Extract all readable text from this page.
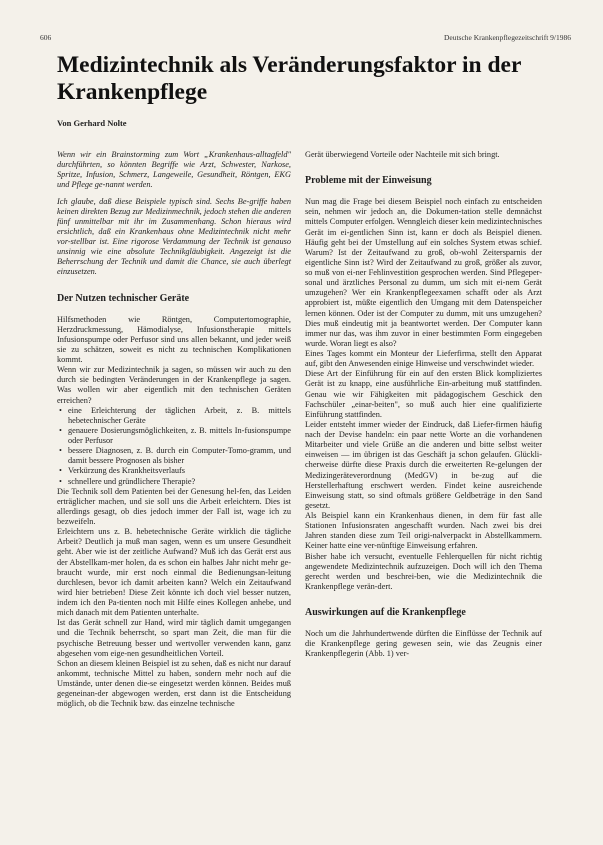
606	Deutsche Krankenpflegezeitschrift 9/1986
Medizintechnik als Veränderungsfaktor in der Krankenpflege
Von Gerhard Nolte

Wenn wir ein Brainstorming zum Wort „Krankenhaus-alltagfeld" durchführten, so könnten Begriffe wie Arzt, Schwester, Narkose, Spritze, Infusion, Schmerz, Langeweile, Gesundheit, Röntgen, EKG und Pflege ge-nannt werden.

Ich glaube, daß diese Beispiele typisch sind. Sechs Be-griffe haben keinen direkten Bezug zur Medizinmechnik, jedoch stehen die anderen fünf unmittelbar mit ihr im Zusammenhang. Schon hieraus wird ersichtlich, daß ein Krankenhaus ohne Medizintechnik nicht mehr vor-stellbar ist. Eine rigorose Verdammung der Technik ist genauso unsinnig wie eine absolute Technikgläubigkeit. Angezeigt ist die Beherrschung der Technik und damit die Chance, sie auch überlegt einzusetzen.

Der Nutzen technischer Geräte

Hilfsmethoden wie Röntgen, Computertomographie, Herzdruckmessung, Hämodialyse, Infusionstherapie mittels Infusionspumpe oder Perfusor sind uns allen bekannt, und jeder weiß sie zu schätzen, soweit es nicht zu technischen Komplikationen kommt.

Wenn wir zur Medizintechnik ja sagen, so müssen wir auch zu den durch sie bedingten Veränderungen in der Krankenpflege ja sagen. Was wollen wir aber eigentlich mit den technischen Geräten erreichen?

• eine Erleichterung der täglichen Arbeit, z. B. mittels hebetechnischer Geräte
• genauere Dosierungsmöglichkeiten, z. B. mittels In-fusionspumpe oder Perfusor
• bessere Diagnosen, z. B. durch ein Computer-Tomo-gramm, und damit bessere Prognosen als bisher
• Verkürzung des Krankheitsverlaufs
• schnellere und gründlichere Therapie?

Die Technik soll dem Patienten bei der Genesung hel-fen, das Leiden erträglicher machen, und sie soll uns die Arbeit erleichtern. Dies ist allerdings gesagt, ob dies jedoch immer der Fall ist, wage ich zu bezweifeln.

Erleichtern uns z. B. hebetechnische Geräte wirklich die tägliche Arbeit? Deutlich ja muß man sagen, wenn es um unsere Gesundheit geht. Aber wie ist der zeitliche Aufwand? Muß ich das Gerät erst aus der Abstellkam-mer holen, da es schon ein halbes Jahr nicht mehr ge-braucht wurde, mir erst noch einmal die Bedienungsan-leitung durchlesen, bevor ich damit arbeiten kann? Welch ein Zeitaufwand wird hier betrieben! Diese Zeit könnte ich doch viel besser nutzen, indem ich den Pa-tienten noch mit Hilfe eines Kollegen anhebe, und mich danach mit dem Patienten unterhalte.

Ist das Gerät schnell zur Hand, wird mir täglich damit umgegangen und die Technik beherrscht, so spart man Zeit, die man für die psychische Betreuung besser und wertvoller verwenden kann, ganz abgesehen vom eige-nen gesundheitlichen Vorteil.

Schon an diesem kleinen Beispiel ist zu sehen, daß es nicht nur darauf ankommt, technische Mittel zu haben, sondern mehr noch auf die Umstände, unter denen die-se eingesetzt werden können. Beides muß gegeneinan-der abgewogen werden, erst dann ist die Entscheidung möglich, ob die Technik bzw. das einzelne technische

Gerät überwiegend Vorteile oder Nachteile mit sich bringt.

Probleme mit der Einweisung

Nun mag die Frage bei diesem Beispiel noch einfach zu entscheiden sein, nehmen wir jedoch an, die Dokumen-tation stelle demnächst mittels Computer erfolgen. Wenngleich dieser kein medizintechnisches Gerät im ei-gentlichen Sinn ist, kann er doch als Beispiel dienen. Häufig geht bei der Umstellung auf ein solches System etwas schief. Warum? Ist der Zeitaufwand zu groß, ob-wohl Zeitersparnis der eigentliche Sinn ist? Wird der Zeitaufwand zu groß, größer als zuvor, so muß von ei-ner Fehlinvestition gesprochen werden. Sind Pflegeper-sonal und ärztliches Personal zu dumm, um sich mit ei-nem Gerät umzugehen? Wer ein Krankenpflegeexamen schafft oder als Arzt approbiert ist, müßte eigentlich den Umgang mit dem Datenspeicher lernen können. Oder ist der Computer zu dumm, mit uns umzugehen? Dies muß eindeutig mit ja beantwortet werden. Der Computer kann immer nur das, was ihm zuvor in einer bestimmten Form eingegeben wurde. Woran liegt es also?

Eines Tages kommt ein Monteur der Lieferfirma, stellt den Apparat auf, gibt den Anwesenden einige Hinweise und verschwindet wieder.

Diese Art der Einführung für ein auf den ersten Blick kompliziertes Gerät ist zu knapp, eine ausführliche Ein-arbeitung muß stattfinden. Genau wie wir Fähigkeiten mit pädagogischem Geschick den Fachschüler „einar-beiten", so muß auch hier eine qualifizierte Einführung stattfinden.

Leider entsteht immer wieder der Eindruck, daß Liefer-firmen häufig nach der Devise handeln: ein paar nette Worte an die vorhandenen Mitarbeiter und viele Grüße an die anderen und bitte selbst weiter einweisen — im übrigen ist das Geschäft ja schon gelaufen. Glückli-cherweise dürfte diese Praxis durch die erweiterten Re-gelungen der Medizingeräteverordnung (MedGV) in be-zug auf die Herstellerhaftung erschwert werden. Findet keine ausreichende Einweisung statt, so sind oftmals größere Geldbeträge in den Sand gesetzt.

Als Beispiel kann ein Krankenhaus dienen, in dem für fast alle Stationen Infusionsraten angeschafft wurden. Nach zwei bis drei Jahren standen diese zum Teil origi-nalverpackt in Abstellkammern. Keiner hatte eine ver-nünftige Einweisung erfahren.

Bisher habe ich versucht, eventuelle Fehlerquellen für nicht richtig angewendete Medizintechnik aufzuzeigen. Doch will ich den Thema gerecht werden und beschrei-ben, wie die Medizintechnik die Krankenpflege verän-dert.

Auswirkungen auf die Krankenpflege

Noch um die Jahrhundertwende dürften die Einflüsse der Technik auf die Krankenpflege gering gewesen sein, wie das Zeugnis einer Krankenpflegerin (Abb. 1) ver-
